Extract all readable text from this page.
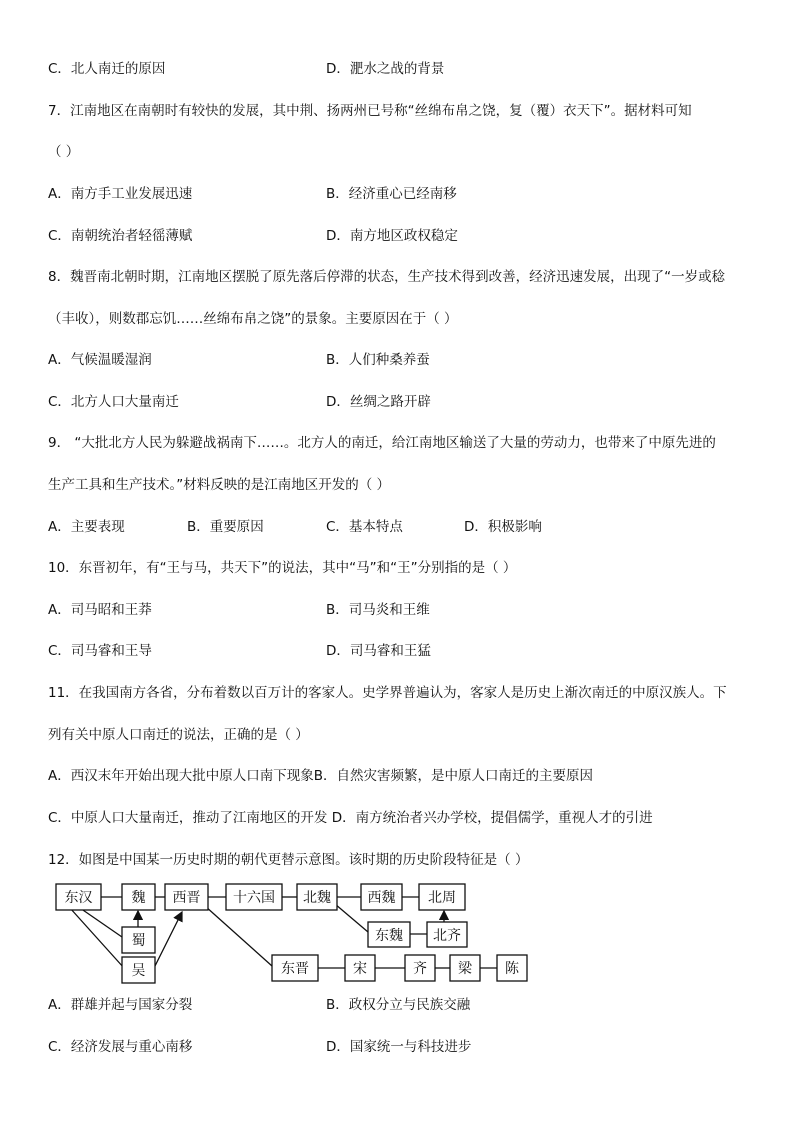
C．北人南迁的原因	D．淝水之战的背景
7．江南地区在南朝时有较快的发展，其中荆、扬两州已号称“丝绵布帛之饶，复（覆）衣天下”。据材料可知
（ ）
A．南方手工业发展迅速	B．经济重心已经南移
C．南朝统治者轻徭薄赋	D．南方地区政权稳定
8．魏晋南北朝时期，江南地区摆脱了原先落后停滞的状态，生产技术得到改善，经济迅速发展，出现了“一岁或稔
（丰收），则数郡忘饥……丝绵布帛之饶”的景象。主要原因在于（ ）
A．气候温暖湿润	B．人们种桑养蚕
C．北方人口大量南迁	D．丝绸之路开辟
9． “大批北方人民为躲避战祸南下……。北方人的南迁，给江南地区输送了大量的劳动力，也带来了中原先进的
生产工具和生产技术。”材料反映的是江南地区开发的（ ）
A．主要表现	B．重要原因	C．基本特点	D．积极影响
10．东晋初年，有“王与马，共天下”的说法，其中“马”和“王”分别指的是（ ）
A．司马昭和王莽	B．司马炎和王维
C．司马睿和王导	D．司马睿和王猛
11．在我国南方各省，分布着数以百万计的客家人。史学界普遍认为，客家人是历史上渐次南迁的中原汉族人。下
列有关中原人口南迁的说法，正确的是（ ）
A．西汉末年开始出现大批中原人口南下现象B．自然灾害频繁，是中原人口南迁的主要原因
C．中原人口大量南迁，推动了江南地区的开发 D．南方统治者兴办学校，提倡儒学，重视人才的引进
12．如图是中国某一历史时期的朝代更替示意图。该时期的历史阶段特征是（ ）
东汉	魏 西晋 十六国 北魏	西魏 北周
蜀	东魏 北齐
吴	东晋	宋	齐 梁 陈
A．群雄并起与国家分裂	B．政权分立与民族交融
C．经济发展与重心南移	D．国家统一与科技进步
